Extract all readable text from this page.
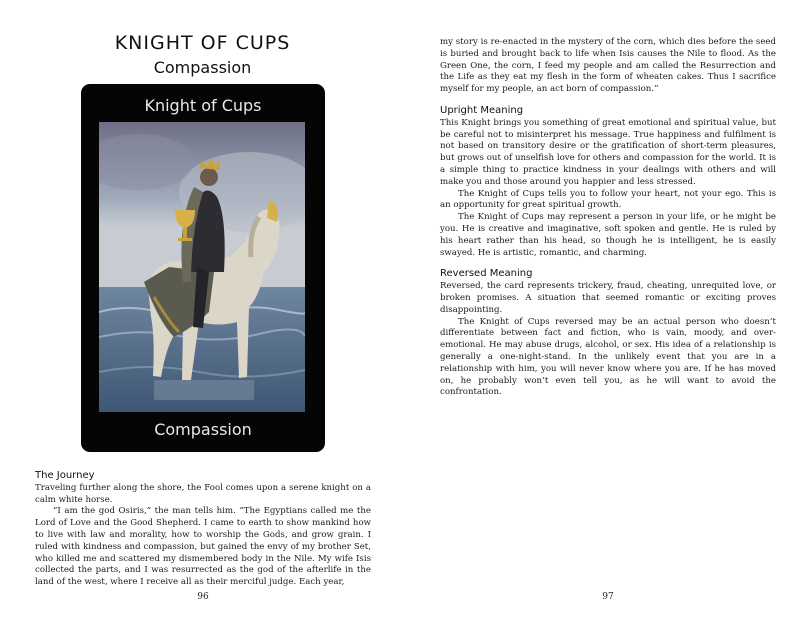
KNIGHT OF CUPS
Compassion
Knight of Cups
Compassion
The Journey

Traveling further along the shore, the Fool comes upon a serene knight on a calm white horse.

“I am the god Osiris,” the man tells him. “The Egyptians called me the Lord of Love and the Good Shepherd. I came to earth to show mankind how to live with law and morality, how to worship the Gods, and grow grain. I ruled with kindness and compassion, but gained the envy of my brother Set, who killed me and scattered my dismembered body in the Nile. My wife Isis collected the parts, and I was resurrected as the god of the afterlife in the land of the west, where I receive all as their merciful judge. Each year,

96

my story is re-enacted in the mystery of the corn, which dies before the seed is buried and brought back to life when Isis causes the Nile to flood. As the Green One, the corn, I feed my people and am called the Resurrection and the Life as they eat my flesh in the form of wheaten cakes. Thus I sacrifice myself for my people, an act born of compassion.”

Upright Meaning

This Knight brings you something of great emotional and spiritual value, but be careful not to misinterpret his message. True happiness and fulfilment is not based on transitory desire or the gratification of short-term pleasures, but grows out of unselfish love for others and compassion for the world. It is a simple thing to practice kindness in your dealings with others and will make you and those around you happier and less stressed.

The Knight of Cups tells you to follow your heart, not your ego. This is an opportunity for great spiritual growth.

The Knight of Cups may represent a person in your life, or he might be you. He is creative and imaginative, soft spoken and gentle. He is ruled by his heart rather than his head, so though he is intelligent, he is easily swayed. He is artistic, romantic, and charming.

Reversed Meaning

Reversed, the card represents trickery, fraud, cheating, unrequited love, or broken promises. A situation that seemed romantic or exciting proves disappointing.

The Knight of Cups reversed may be an actual person who doesn’t differentiate between fact and fiction, who is vain, moody, and over-emotional. He may abuse drugs, alcohol, or sex. His idea of a relationship is generally a one-night-stand. In the unlikely event that you are in a relationship with him, you will never know where you are. If he has moved on, he probably won’t even tell you, as he will want to avoid the confrontation.

97
